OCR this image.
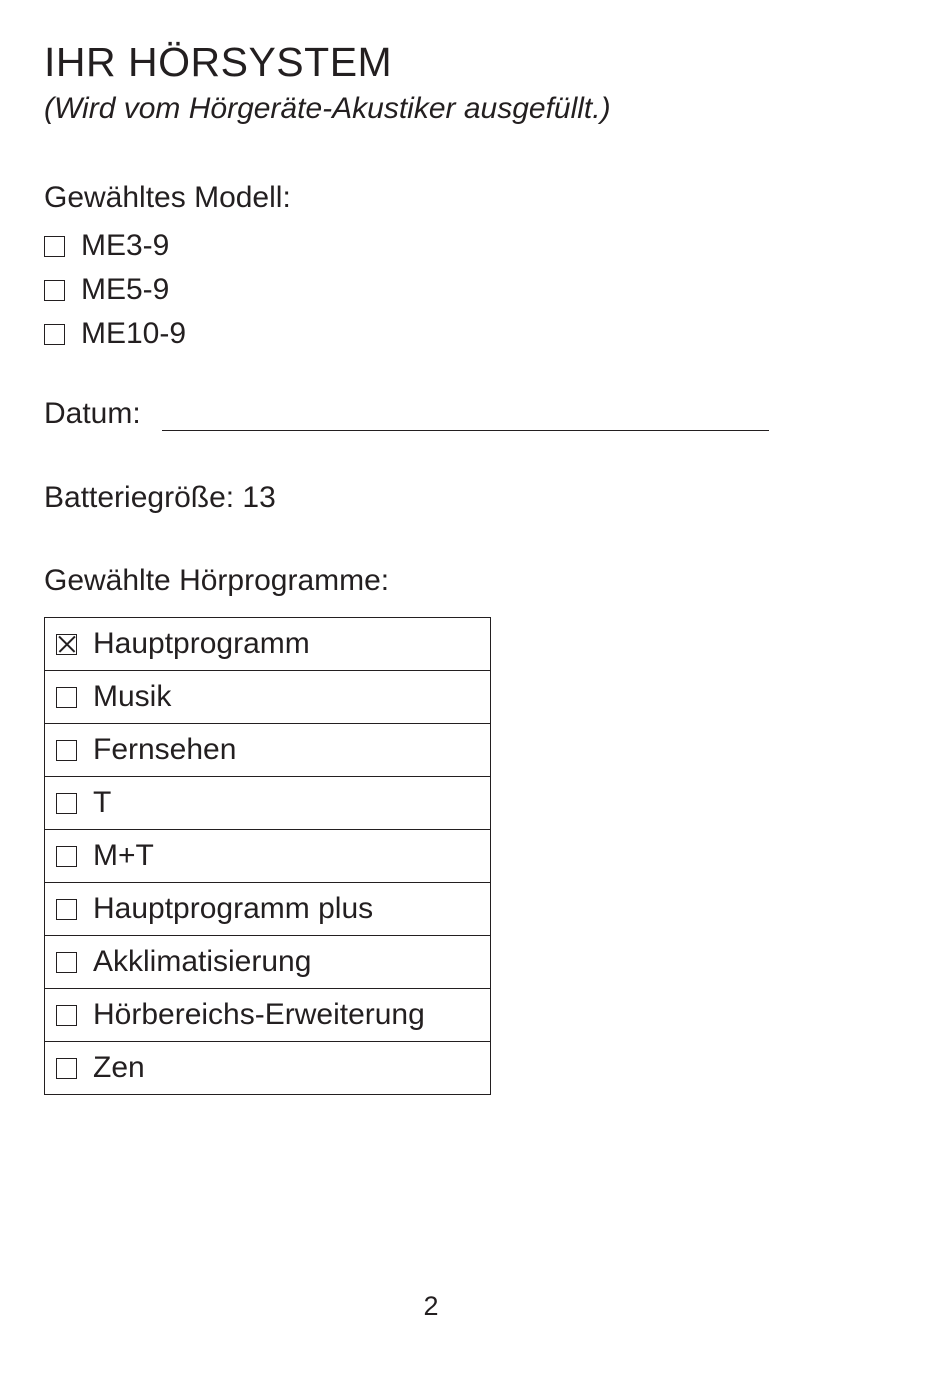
IHR HÖRSYSTEM

(Wird vom Hörgeräte-Akustiker ausgefüllt.)

Gewähltes Modell:

ME3-9
ME5-9
ME10-9
Datum:

Batteriegröße: 13

Gewählte Hörprogramme:

Hauptprogramm

Musik

Fernsehen

T

M+T

Hauptprogramm plus

Akklimatisierung

Hörbereichs-Erweiterung

Zen
2
